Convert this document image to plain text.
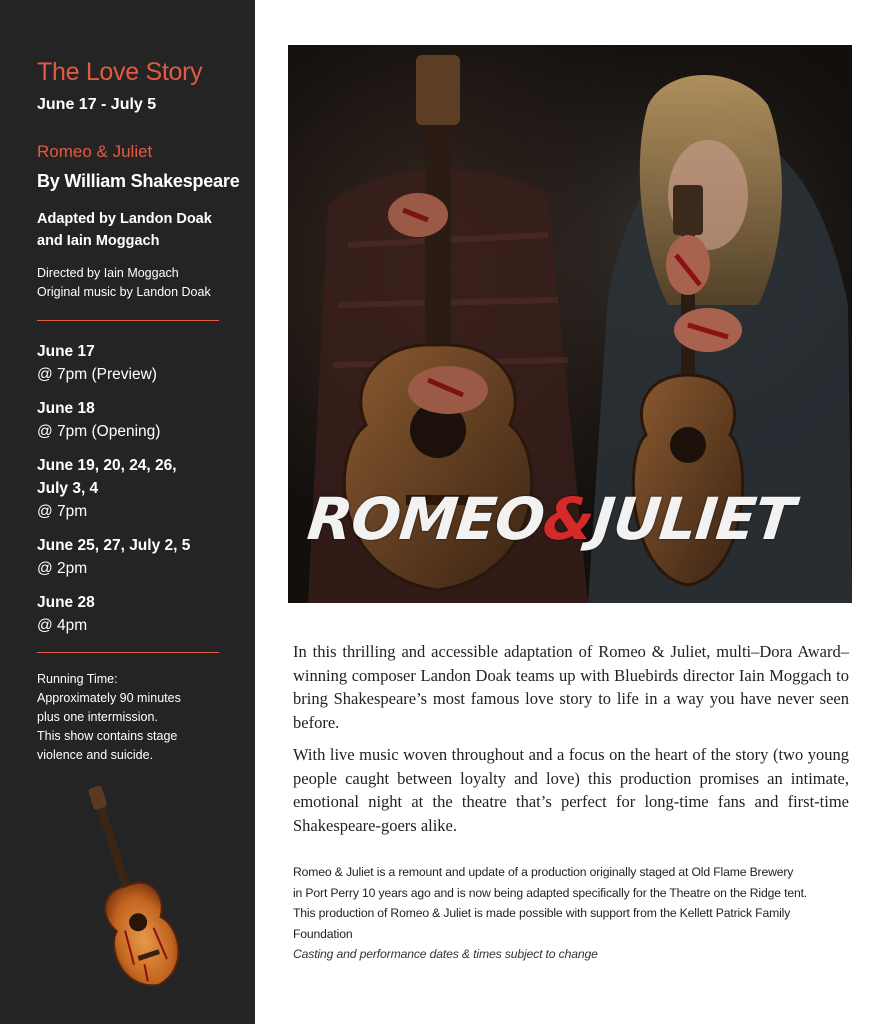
The Love Story
June 17 - July 5
Romeo & Juliet
By William Shakespeare
Adapted by Landon Doak and Iain Moggach
Directed by Iain Moggach
Original music by Landon Doak
June 17
@ 7pm (Preview)
June 18
@ 7pm (Opening)
June 19, 20, 24, 26, July 3, 4
@ 7pm
June 25, 27, July 2, 5
@ 2pm
June 28
@ 4pm
Running Time:
Approximately 90 minutes plus one intermission.
This show contains stage violence and suicide.
ROMEO&JULIET

In this thrilling and accessible adaptation of Romeo & Juliet, multi–Dora Award–winning composer Landon Doak teams up with Bluebirds director Iain Moggach to bring Shakespeare’s most famous love story to life in a way you have never seen before.

With live music woven throughout and a focus on the heart of the story (two young people caught between loyalty and love) this production promises an intimate, emotional night at the theatre that’s perfect for long-time fans and first-time Shakespeare-goers alike.

Romeo & Juliet is a remount and update of a production originally staged at Old Flame Brewery

in Port Perry 10 years ago and is now being adapted specifically for the Theatre on the Ridge tent.

This production of Romeo & Juliet is made possible with support from the Kellett Patrick Family

Foundation

Casting and performance dates & times subject to change
